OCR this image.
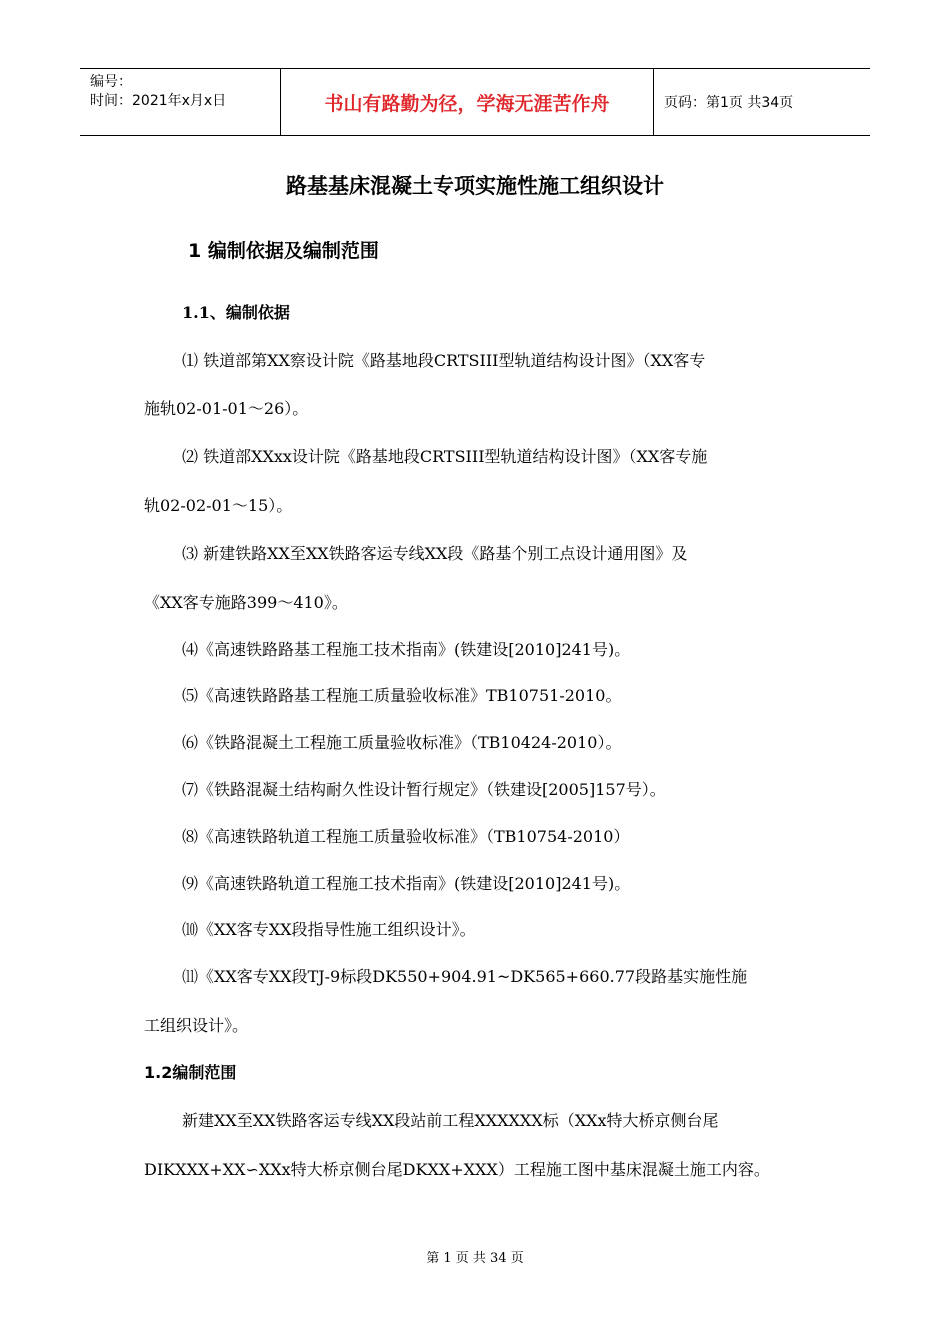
编号：
时间：2021年x月x日	书山有路勤为径，学海无涯苦作舟	页码：第1页 共34页
路基基床混凝土专项实施性施工组织设计
1 编制依据及编制范围
1.1、编制依据
⑴ 铁道部第XX察设计院《路基地段CRTSIII型轨道结构设计图》（XX客专
施轨02-01-01～26）。
⑵ 铁道部XXxx设计院《路基地段CRTSIII型轨道结构设计图》（XX客专施
轨02-02-01～15）。
⑶ 新建铁路XX至XX铁路客运专线XX段《路基个别工点设计通用图》及
《XX客专施路399～410》。
⑷《高速铁路路基工程施工技术指南》(铁建设[2010]241号)。
⑸《高速铁路路基工程施工质量验收标准》TB10751-2010。
⑹《铁路混凝土工程施工质量验收标准》（TB10424-2010）。
⑺《铁路混凝土结构耐久性设计暂行规定》（铁建设[2005]157号）。
⑻《高速铁路轨道工程施工质量验收标准》（TB10754-2010）
⑼《高速铁路轨道工程施工技术指南》(铁建设[2010]241号)。
⑽《XX客专XX段指导性施工组织设计》。
⑾《XX客专XX段TJ-9标段DK550+904.91~DK565+660.77段路基实施性施
工组织设计》。
1.2编制范围
新建XX至XX铁路客运专线XX段站前工程XXXXXX标（XXx特大桥京侧台尾
DIKXXX+XX∽XXx特大桥京侧台尾DKXX+XXX）工程施工图中基床混凝土施工内容。
第 1 页 共 34 页
